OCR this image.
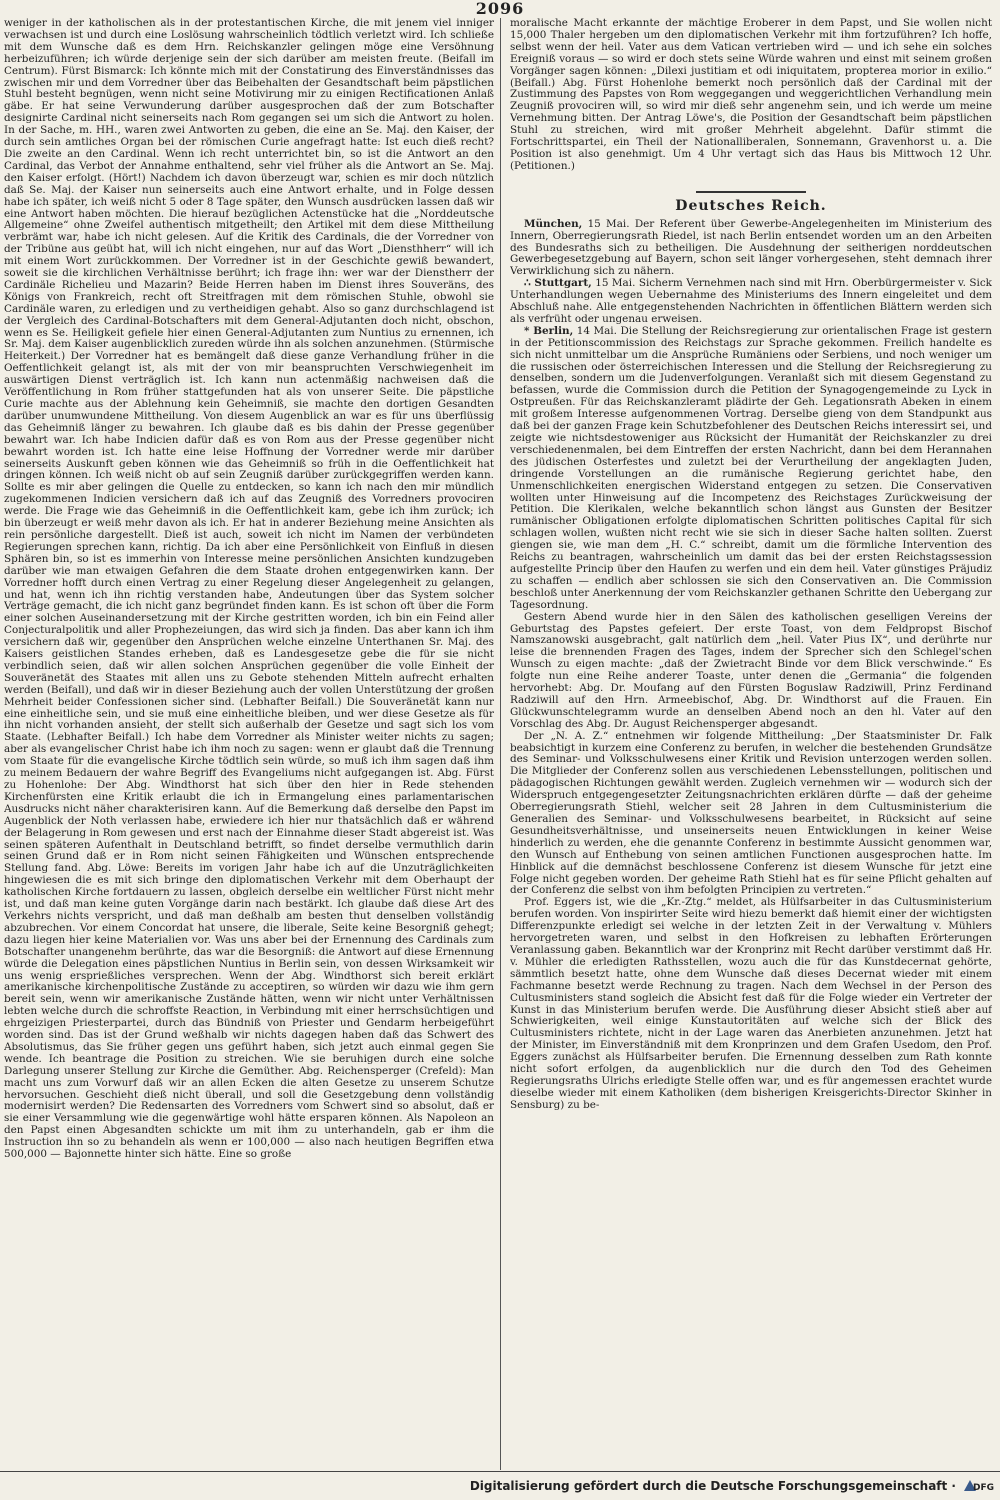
2096

weniger in der katholischen als in der protestantischen Kirche, die mit jenem viel inniger verwachsen ist und durch eine Loslösung wahrscheinlich tödtlich verletzt wird. Ich schließe mit dem Wunsche daß es dem Hrn. Reichskanzler gelingen möge eine Versöhnung herbeizuführen; ich würde derjenige sein der sich darüber am meisten freute. (Beifall im Centrum). Fürst Bismarck: Ich könnte mich mit der Constatirung des Einverständnisses das zwischen mir und dem Vorredner über das Beibehalten der Gesandtschaft beim päpstlichen Stuhl besteht begnügen, wenn nicht seine Motivirung mir zu einigen Rectificationen Anlaß gäbe. Er hat seine Verwunderung darüber ausgesprochen daß der zum Botschafter designirte Cardinal nicht seinerseits nach Rom gegangen sei um sich die Antwort zu holen. In der Sache, m. HH., waren zwei Antworten zu geben, die eine an Se. Maj. den Kaiser, der durch sein amtliches Organ bei der römischen Curie angefragt hatte: Ist euch dieß recht? Die zweite an den Cardinal. Wenn ich recht unterrichtet bin, so ist die Antwort an den Cardinal, das Verbot der Annahme enthaltend, sehr viel früher als die Antwort an Se. Maj. den Kaiser erfolgt. (Hört!) Nachdem ich davon überzeugt war, schien es mir doch nützlich daß Se. Maj. der Kaiser nun seinerseits auch eine Antwort erhalte, und in Folge dessen habe ich später, ich weiß nicht 5 oder 8 Tage später, den Wunsch ausdrücken lassen daß wir eine Antwort haben möchten. Die hierauf bezüglichen Actenstücke hat die „Norddeutsche Allgemeine“ ohne Zweifel authentisch mitgetheilt; den Artikel mit dem diese Mittheilung verbrämt war, habe ich nicht gelesen. Auf die Kritik des Cardinals, die der Vorredner von der Tribüne aus geübt hat, will ich nicht eingehen, nur auf das Wort „Diensthherr“ will ich mit einem Wort zurückkommen. Der Vorredner ist in der Geschichte gewiß bewandert, soweit sie die kirchlichen Verhältnisse berührt; ich frage ihn: wer war der Dienstherr der Cardinäle Richelieu und Mazarin? Beide Herren haben im Dienst ihres Souveräns, des Königs von Frankreich, recht oft Streitfragen mit dem römischen Stuhle, obwohl sie Cardinäle waren, zu erledigen und zu vertheidigen gehabt. Also so ganz durchschlagend ist der Vergleich des Cardinal-Botschafters mit dem General-Adjutanten doch nicht, obschon, wenn es Se. Heiligkeit gefiele hier einen General-Adjutanten zum Nuntius zu ernennen, ich Sr. Maj. dem Kaiser augenblicklich zureden würde ihn als solchen anzunehmen. (Stürmische Heiterkeit.) Der Vorredner hat es bemängelt daß diese ganze Verhandlung früher in die Oeffentlichkeit gelangt ist, als mit der von mir beanspruchten Verschwiegenheit im auswärtigen Dienst verträglich ist. Ich kann nun actenmäßig nachweisen daß die Veröffentlichung in Rom früher stattgefunden hat als von unserer Seite. Die päpstliche Curie machte aus der Ablehnung kein Geheimniß, sie machte den dortigen Gesandten darüber unumwundene Mittheilung. Von diesem Augenblick an war es für uns überflüssig das Geheimniß länger zu bewahren. Ich glaube daß es bis dahin der Presse gegenüber bewahrt war. Ich habe Indicien dafür daß es von Rom aus der Presse gegenüber nicht bewahrt worden ist. Ich hatte eine leise Hoffnung der Vorredner werde mir darüber seinerseits Auskunft geben können wie das Geheimniß so früh in die Oeffentlichkeit hat dringen können. Ich weiß nicht ob auf sein Zeugniß darüber zurückgegriffen werden kann. Sollte es mir aber gelingen die Quelle zu entdecken, so kann ich nach den mir mündlich zugekommenen Indicien versichern daß ich auf das Zeugniß des Vorredners provociren werde. Die Frage wie das Geheimniß in die Oeffentlichkeit kam, gebe ich ihm zurück; ich bin überzeugt er weiß mehr davon als ich. Er hat in anderer Beziehung meine Ansichten als rein persönliche dargestellt. Dieß ist auch, soweit ich nicht im Namen der verbündeten Regierungen sprechen kann, richtig. Da ich aber eine Persönlichkeit von Einfluß in diesen Sphären bin, so ist es immerhin von Interesse meine persönlichen Ansichten kundzugeben darüber wie man etwaigen Gefahren die dem Staate drohen entgegenwirken kann. Der Vorredner hofft durch einen Vertrag zu einer Regelung dieser Angelegenheit zu gelangen, und hat, wenn ich ihn richtig verstanden habe, Andeutungen über das System solcher Verträge gemacht, die ich nicht ganz begründet finden kann. Es ist schon oft über die Form einer solchen Auseinandersetzung mit der Kirche gestritten worden, ich bin ein Feind aller Conjecturalpolitik und aller Prophezeiungen, das wird sich ja finden. Das aber kann ich ihm versichern daß wir, gegenüber den Ansprüchen welche einzelne Unterthanen Sr. Maj. des Kaisers geistlichen Standes erheben, daß es Landesgesetze gebe die für sie nicht verbindlich seien, daß wir allen solchen Ansprüchen gegenüber die volle Einheit der Souveränetät des Staates mit allen uns zu Gebote stehenden Mitteln aufrecht erhalten werden (Beifall), und daß wir in dieser Beziehung auch der vollen Unterstützung der großen Mehrheit beider Confessionen sicher sind. (Lebhafter Beifall.) Die Souveränetät kann nur eine einheitliche sein, und sie muß eine einheitliche bleiben, und wer diese Gesetze als für ihn nicht vorhanden ansieht, der stellt sich außerhalb der Gesetze und sagt sich los vom Staate. (Lebhafter Beifall.) Ich habe dem Vorredner als Minister weiter nichts zu sagen; aber als evangelischer Christ habe ich ihm noch zu sagen: wenn er glaubt daß die Trennung vom Staate für die evangelische Kirche tödtlich sein würde, so muß ich ihm sagen daß ihm zu meinem Bedauern der wahre Begriff des Evangeliums nicht aufgegangen ist. Abg. Fürst zu Hohenlohe: Der Abg. Windthorst hat sich über den hier in Rede stehenden Kirchenfürsten eine Kritik erlaubt die ich in Ermangelung eines parlamentarischen Ausdrucks nicht näher charakterisiren kann. Auf die Bemerkung daß derselbe den Papst im Augenblick der Noth verlassen habe, erwiedere ich hier nur thatsächlich daß er während der Belagerung in Rom gewesen und erst nach der Einnahme dieser Stadt abgereist ist. Was seinen späteren Aufenthalt in Deutschland betrifft, so findet derselbe vermuthlich darin seinen Grund daß er in Rom nicht seinen Fähigkeiten und Wünschen entsprechende Stellung fand. Abg. Löwe: Bereits im vorigen Jahr habe ich auf die Unzuträglichkeiten hingewiesen die es mit sich bringe den diplomatischen Verkehr mit dem Oberhaupt der katholischen Kirche fortdauern zu lassen, obgleich derselbe ein weltlicher Fürst nicht mehr ist, und daß man keine guten Vorgänge darin nach bestärkt. Ich glaube daß diese Art des Verkehrs nichts verspricht, und daß man deßhalb am besten thut denselben vollständig abzubrechen. Vor einem Concordat hat unsere, die liberale, Seite keine Besorgniß gehegt; dazu liegen hier keine Materialien vor. Was uns aber bei der Ernennung des Cardinals zum Botschafter unangenehm berührte, das war die Besorgniß: die Antwort auf diese Ernennung würde die Delegation eines päpstlichen Nuntius in Berlin sein, von dessen Wirksamkeit wir uns wenig ersprießliches versprechen. Wenn der Abg. Windthorst sich bereit erklärt amerikanische kirchenpolitische Zustände zu acceptiren, so würden wir dazu wie ihm gern bereit sein, wenn wir amerikanische Zustände hätten, wenn wir nicht unter Verhältnissen lebten welche durch die schroffste Reaction, in Verbindung mit einer herrschsüchtigen und ehrgeizigen Priesterpartei, durch das Bündniß von Priester und Gendarm herbeigeführt worden sind. Das ist der Grund weßhalb wir nichts dagegen haben daß das Schwert des Absolutismus, das Sie früher gegen uns geführt haben, sich jetzt auch einmal gegen Sie wende. Ich beantrage die Position zu streichen. Wie sie beruhigen durch eine solche Darlegung unserer Stellung zur Kirche die Gemüther. Abg. Reichensperger (Crefeld): Man macht uns zum Vorwurf daß wir an allen Ecken die alten Gesetze zu unserem Schutze hervorsuchen. Geschieht dieß nicht überall, und soll die Gesetzgebung denn vollständig modernisirt werden? Die Redensarten des Vorredners vom Schwert sind so absolut, daß er sie einer Versammlung wie die gegenwärtige wohl hätte ersparen können. Als Napoleon an den Papst einen Abgesandten schickte um mit ihm zu unterhandeln, gab er ihm die Instruction ihn so zu behandeln als wenn er 100,000 — also nach heutigen Begriffen etwa 500,000 — Bajonnette hinter sich hätte. Eine so große

moralische Macht erkannte der mächtige Eroberer in dem Papst, und Sie wollen nicht 15,000 Thaler hergeben um den diplomatischen Verkehr mit ihm fortzuführen? Ich hoffe, selbst wenn der heil. Vater aus dem Vatican vertrieben wird — und ich sehe ein solches Ereigniß voraus — so wird er doch stets seine Würde wahren und einst mit seinem großen Vorgänger sagen können: „Dilexi justitiam et odi iniquitatem, propterea morior in exilio.“ (Beifall.) Abg. Fürst Hohenlohe bemerkt noch persönlich daß der Cardinal mit der Zustimmung des Papstes von Rom weggegangen und weggerichtlichen Verhandlung mein Zeugniß provociren will, so wird mir dieß sehr angenehm sein, und ich werde um meine Vernehmung bitten. Der Antrag Löwe's, die Position der Gesandtschaft beim päpstlichen Stuhl zu streichen, wird mit großer Mehrheit abgelehnt. Dafür stimmt die Fortschrittspartei, ein Theil der Nationalliberalen, Sonnemann, Gravenhorst u. a. Die Position ist also genehmigt. Um 4 Uhr vertagt sich das Haus bis Mittwoch 12 Uhr. (Petitionen.)

Deutsches Reich.

München, 15 Mai. Der Referent über Gewerbe-Angelegenheiten im Ministerium des Innern, Oberregierungsrath Riedel, ist nach Berlin entsendet worden um an den Arbeiten des Bundesraths sich zu betheiligen. Die Ausdehnung der seitherigen norddeutschen Gewerbegesetzgebung auf Bayern, schon seit länger vorhergesehen, steht demnach ihrer Verwirklichung sich zu nähern.

∴ Stuttgart, 15 Mai. Sicherm Vernehmen nach sind mit Hrn. Oberbürgermeister v. Sick Unterhandlungen wegen Uebernahme des Ministeriums des Innern eingeleitet und dem Abschluß nahe. Alle entgegenstehenden Nachrichten in öffentlichen Blättern werden sich als verfrüht oder ungenau erweisen.

* Berlin, 14 Mai. Die Stellung der Reichsregierung zur orientalischen Frage ist gestern in der Petitionscommission des Reichstags zur Sprache gekommen. Freilich handelte es sich nicht unmittelbar um die Ansprüche Rumäniens oder Serbiens, und noch weniger um die russischen oder österreichischen Interessen und die Stellung der Reichsregierung zu denselben, sondern um die Judenverfolgungen. Veranlaßt sich mit diesem Gegenstand zu befassen, wurde die Commission durch die Petition der Synagogengemeinde zu Lyck in Ostpreußen. Für das Reichskanzleramt plädirte der Geh. Legationsrath Abeken in einem mit großem Interesse aufgenommenen Vortrag. Derselbe gieng von dem Standpunkt aus daß bei der ganzen Frage kein Schutzbefohlener des Deutschen Reichs interessirt sei, und zeigte wie nichtsdestoweniger aus Rücksicht der Humanität der Reichskanzler zu drei verschiedenenmalen, bei dem Eintreffen der ersten Nachricht, dann bei dem Herannahen des jüdischen Osterfestes und zuletzt bei der Verurtheilung der angeklagten Juden, dringende Vorstellungen an die rumänische Regierung gerichtet habe, den Unmenschlichkeiten energischen Widerstand entgegen zu setzen. Die Conservativen wollten unter Hinweisung auf die Incompetenz des Reichstages Zurückweisung der Petition. Die Klerikalen, welche bekanntlich schon längst aus Gunsten der Besitzer rumänischer Obligationen erfolgte diplomatischen Schritten politisches Capital für sich schlagen wollen, wußten nicht recht wie sie sich in dieser Sache halten sollten. Zuerst giengen sie, wie man dem „H. C.“ schreibt, damit um die förmliche Intervention des Reichs zu beantragen, wahrscheinlich um damit das bei der ersten Reichstagssession aufgestellte Princip über den Haufen zu werfen und ein dem heil. Vater günstiges Präjudiz zu schaffen — endlich aber schlossen sie sich den Conservativen an. Die Commission beschloß unter Anerkennung der vom Reichskanzler gethanen Schritte den Uebergang zur Tagesordnung.

Gestern Abend wurde hier in den Sälen des katholischen geselligen Vereins der Geburtstag des Papstes gefeiert. Der erste Toast, von dem Feldpropst Bischof Namszanowski ausgebracht, galt natürlich dem „heil. Vater Pius IX“, und derührte nur leise die brennenden Fragen des Tages, indem der Sprecher sich den Schlegel'schen Wunsch zu eigen machte: „daß der Zwietracht Binde vor dem Blick verschwinde.“ Es folgte nun eine Reihe anderer Toaste, unter denen die „Germania“ die folgenden hervorhebt: Abg. Dr. Moufang auf den Fürsten Boguslaw Radziwill, Prinz Ferdinand Radziwill auf den Hrn. Armeebischof, Abg. Dr. Windthorst auf die Frauen. Ein Glückwunschtelegramm wurde an denselben Abend noch an den hl. Vater auf den Vorschlag des Abg. Dr. August Reichensperger abgesandt.

Der „N. A. Z.“ entnehmen wir folgende Mittheilung: „Der Staatsminister Dr. Falk beabsichtigt in kurzem eine Conferenz zu berufen, in welcher die bestehenden Grundsätze des Seminar- und Volksschulwesens einer Kritik und Revision unterzogen werden sollen. Die Mitglieder der Conferenz sollen aus verschiedenen Lebensstellungen, politischen und pädagogischen Richtungen gewählt werden. Zugleich vernehmen wir — wodurch sich der Widerspruch entgegengesetzter Zeitungsnachrichten erklären dürfte — daß der geheime Oberregierungsrath Stiehl, welcher seit 28 Jahren in dem Cultusministerium die Generalien des Seminar- und Volksschulwesens bearbeitet, in Rücksicht auf seine Gesundheitsverhältnisse, und unseinerseits neuen Entwicklungen in keiner Weise hinderlich zu werden, ehe die genannte Conferenz in bestimmte Aussicht genommen war, den Wunsch auf Enthebung von seinen amtlichen Functionen ausgesprochen hatte. Im Hinblick auf die demnächst beschlossene Conferenz ist diesem Wunsche für jetzt eine Folge nicht gegeben worden. Der geheime Rath Stiehl hat es für seine Pflicht gehalten auf der Conferenz die selbst von ihm befolgten Principien zu vertreten.“

Prof. Eggers ist, wie die „Kr.-Ztg.“ meldet, als Hülfsarbeiter in das Cultusministerium berufen worden. Von inspirirter Seite wird hiezu bemerkt daß hiemit einer der wichtigsten Differenzpunkte erledigt sei welche in der letzten Zeit in der Verwaltung v. Mühlers hervorgetreten waren, und selbst in den Hofkreisen zu lebhaften Erörterungen Veranlassung gaben. Bekanntlich war der Kronprinz mit Recht darüber verstimmt daß Hr. v. Mühler die erledigten Rathsstellen, wozu auch die für das Kunstdecernat gehörte, sämmtlich besetzt hatte, ohne dem Wunsche daß dieses Decernat wieder mit einem Fachmanne besetzt werde Rechnung zu tragen. Nach dem Wechsel in der Person des Cultusministers stand sogleich die Absicht fest daß für die Folge wieder ein Vertreter der Kunst in das Ministerium berufen werde. Die Ausführung dieser Absicht stieß aber auf Schwierigkeiten, weil einige Kunstautoritäten auf welche sich der Blick des Cultusministers richtete, nicht in der Lage waren das Anerbieten anzunehmen. Jetzt hat der Minister, im Einverständniß mit dem Kronprinzen und dem Grafen Usedom, den Prof. Eggers zunächst als Hülfsarbeiter berufen. Die Ernennung desselben zum Rath konnte nicht sofort erfolgen, da augenblicklich nur die durch den Tod des Geheimen Regierungsraths Ulrichs erledigte Stelle offen war, und es für angemessen erachtet wurde dieselbe wieder mit einem Katholiken (dem bisherigen Kreisgerichts-Director Skinher in Sensburg) zu be-

Digitalisierung gefördert durch die Deutsche Forschungsgemeinschaft · DFG
